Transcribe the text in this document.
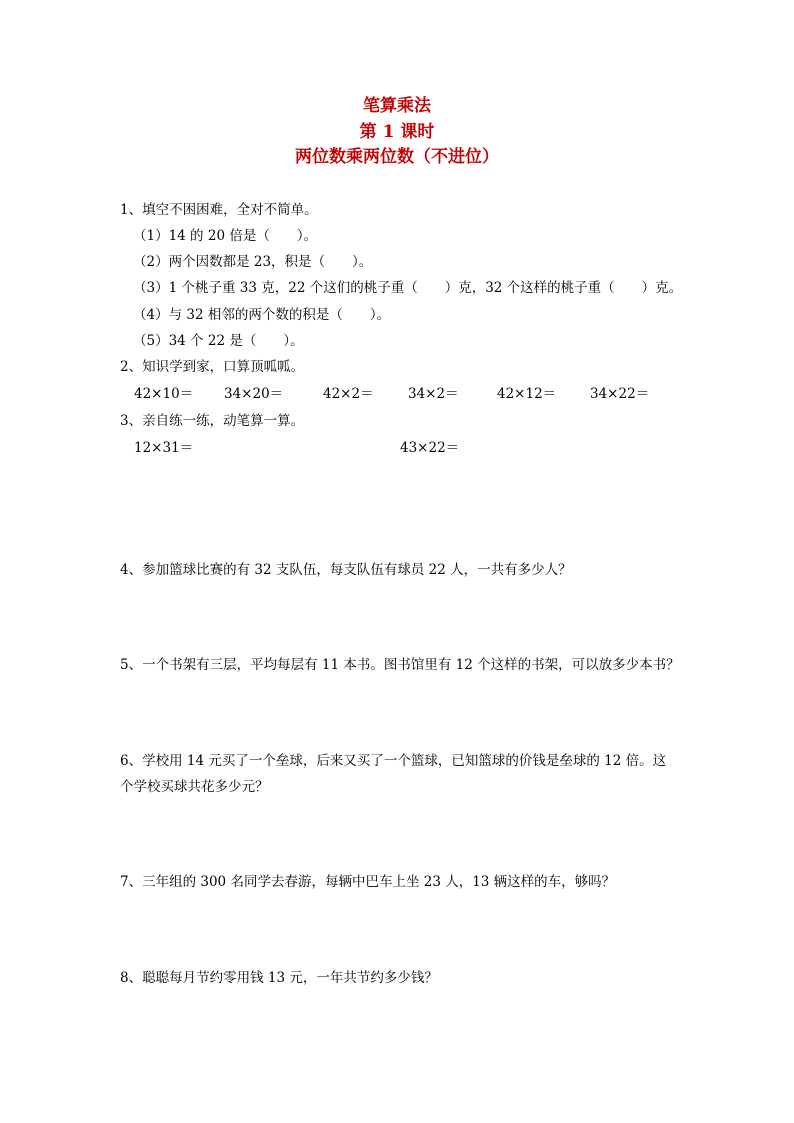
笔算乘法
第 1 课时
两位数乘两位数（不进位）
1、填空不困困难，全对不简单。
（1）14 的 20 倍是（　　）。
（2）两个因数都是 23，积是（　　）。
（3）1 个桃子重 33 克，22 个这们的桃子重（　　）克，32 个这样的桃子重（　　）克。
（4）与 32 相邻的两个数的积是（　　）。
（5）34 个 22 是（　　）。
2、知识学到家，口算顶呱呱。
42×10＝ 34×20＝	42×2＝	34×2＝	42×12＝	34×22＝
3、亲自练一练，动笔算一算。
12×31＝	43×22＝
4、参加篮球比赛的有 32 支队伍，每支队伍有球员 22 人，一共有多少人？
5、一个书架有三层，平均每层有 11 本书。图书馆里有 12 个这样的书架，可以放多少本书？
6、学校用 14 元买了一个垒球，后来又买了一个篮球，已知篮球的价钱是垒球的 12 倍。这
个学校买球共花多少元？
7、三年组的 300 名同学去春游，每辆中巴车上坐 23 人，13 辆这样的车，够吗？
8、聪聪每月节约零用钱 13 元，一年共节约多少钱？
